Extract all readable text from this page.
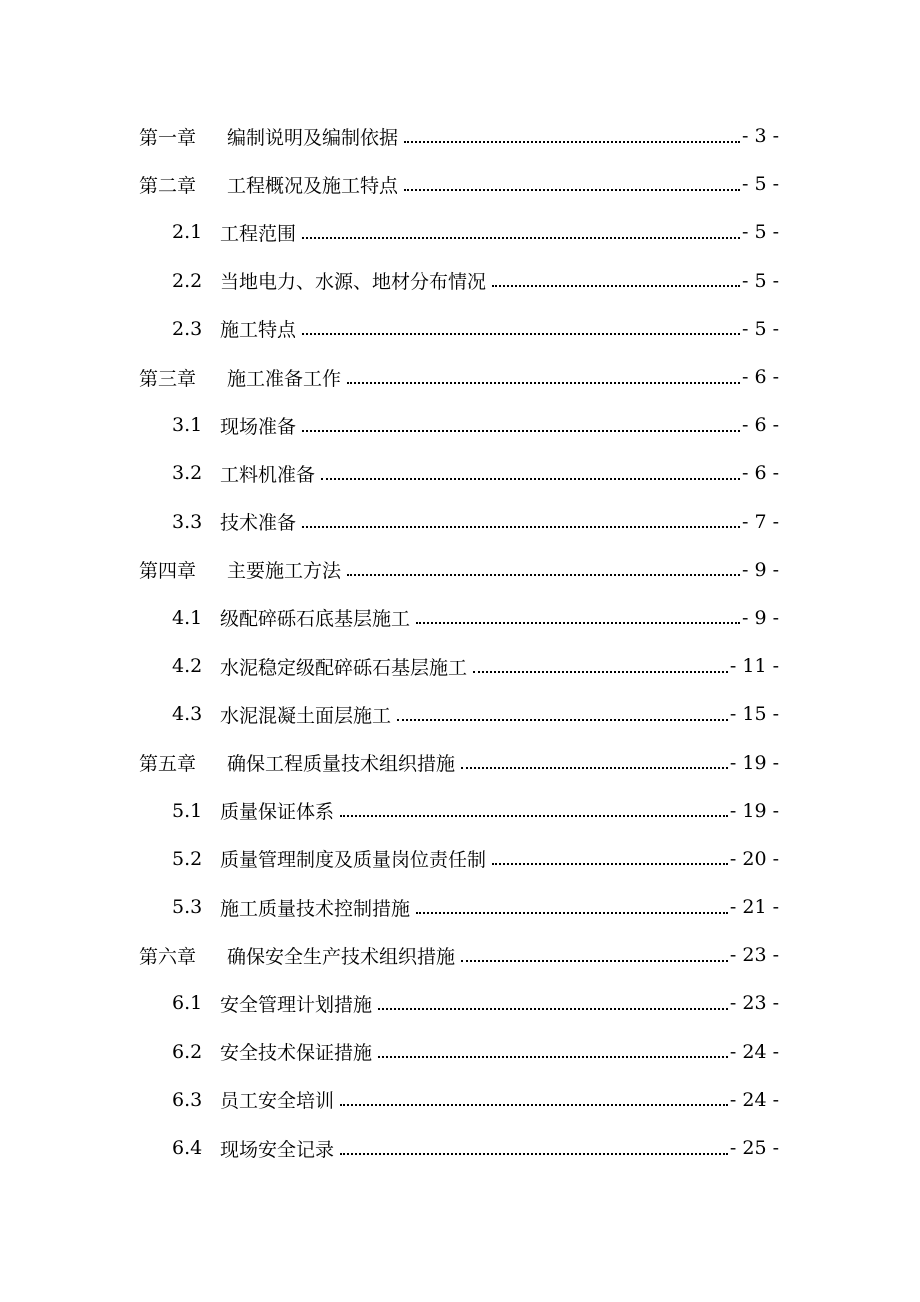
第一章	编制说明及编制依据	- 3 -
第二章	工程概况及施工特点	- 5 -
2.1 工程范围	- 5 -
2.2 当地电力、水源、地材分布情况	- 5 -
2.3 施工特点	- 5 -
第三章	施工准备工作	- 6 -
3.1 现场准备	- 6 -
3.2 工料机准备	- 6 -
3.3 技术准备	- 7 -
第四章	主要施工方法	- 9 -
4.1 级配碎砾石底基层施工	- 9 -
4.2 水泥稳定级配碎砾石基层施工	- 11 -
4.3 水泥混凝土面层施工	- 15 -
第五章	确保工程质量技术组织措施	- 19 -
5.1 质量保证体系	- 19 -
5.2 质量管理制度及质量岗位责任制	- 20 -
5.3 施工质量技术控制措施	- 21 -
第六章	确保安全生产技术组织措施	- 23 -
6.1 安全管理计划措施	- 23 -
6.2 安全技术保证措施	- 24 -
6.3 员工安全培训	- 24 -
6.4 现场安全记录	- 25 -
